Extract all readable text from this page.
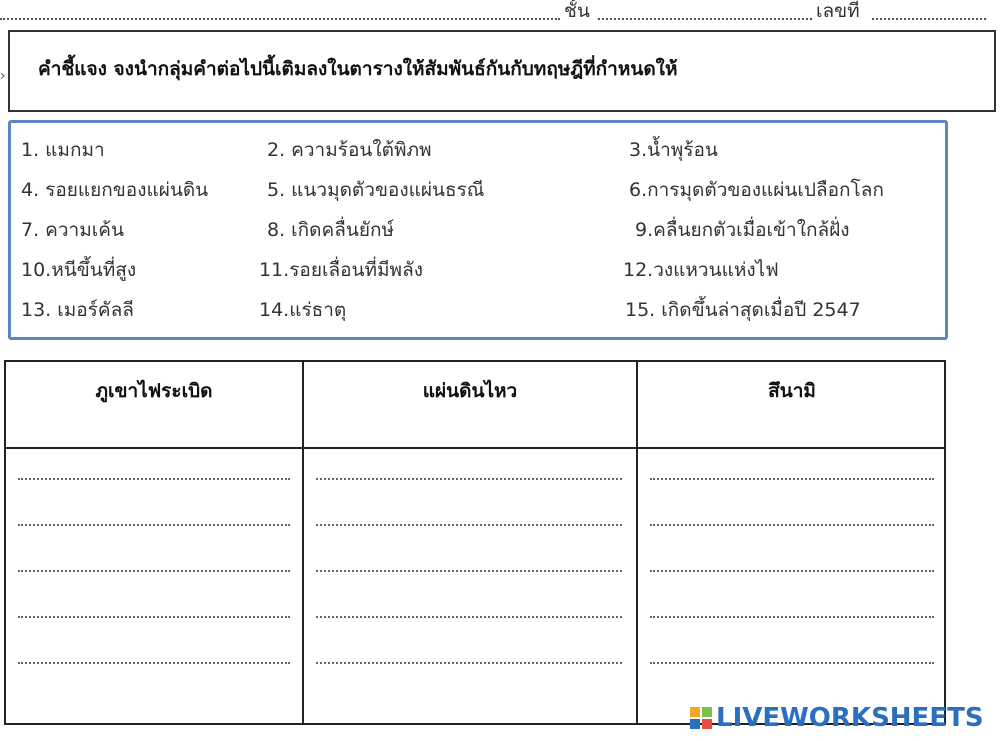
ชั้น	เลขที่
คำชี้แจง จงนำกลุ่มคำต่อไปนี้เติมลงในตารางให้สัมพันธ์กันกับทฤษฎีที่กำหนดให้
›
1. แมกมา	2. ความร้อนใต้พิภพ	3.น้ำพุร้อน
4. รอยแยกของแผ่นดิน	5. แนวมุดตัวของแผ่นธรณี	6.การมุดตัวของแผ่นเปลือกโลก
7. ความเค้น	8. เกิดคลื่นยักษ์	9.คลื่นยกตัวเมื่อเข้าใกล้ฝั่ง
10.หนีขึ้นที่สูง	11.รอยเลื่อนที่มีพลัง	12.วงแหวนแห่งไฟ
13. เมอร์คัลลี	14.แร่ธาตุ	15. เกิดขึ้นล่าสุดเมื่อปี 2547
ภูเขาไฟระเบิด	แผ่นดินไหว	สึนามิ
LIVEWORKSHEETS
